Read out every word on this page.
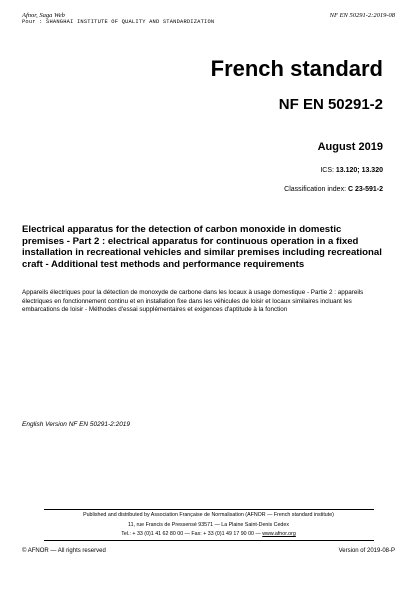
Afnor, Saga Web
Pour : SHANGHAI INSTITUTE OF QUALITY AND STANDARDIZATION
NF EN 50291-2:2019-08
French standard
NF EN 50291-2
August 2019
ICS: 13.120; 13.320
Classification index: C 23-591-2
Electrical apparatus for the detection of carbon monoxide in domestic premises - Part 2 : electrical apparatus for continuous operation in a fixed installation in recreational vehicles and similar premises including recreational craft - Additional test methods and performance requirements
Appareils électriques pour la détection de monoxyde de carbone dans les locaux à usage domestique - Partie 2 : appareils électriques en fonctionnement continu et en installation fixe dans les véhicules de loisir et locaux similaires incluant les embarcations de loisir - Méthodes d'essai supplémentaires et exigences d'aptitude à la fonction
English Version NF EN 50291-2:2019
Published and distributed by Association Française de Normalisation (AFNOR — French standard institute)
11, rue Francis de Pressensé 93571 — La Plaine Saint-Denis Cedex
Tel.: + 33 (0)1 41 62 80 00 — Fax: + 33 (0)1 49 17 90 00 — www.afnor.org
© AFNOR — All rights reserved	Version of 2019-08-P
